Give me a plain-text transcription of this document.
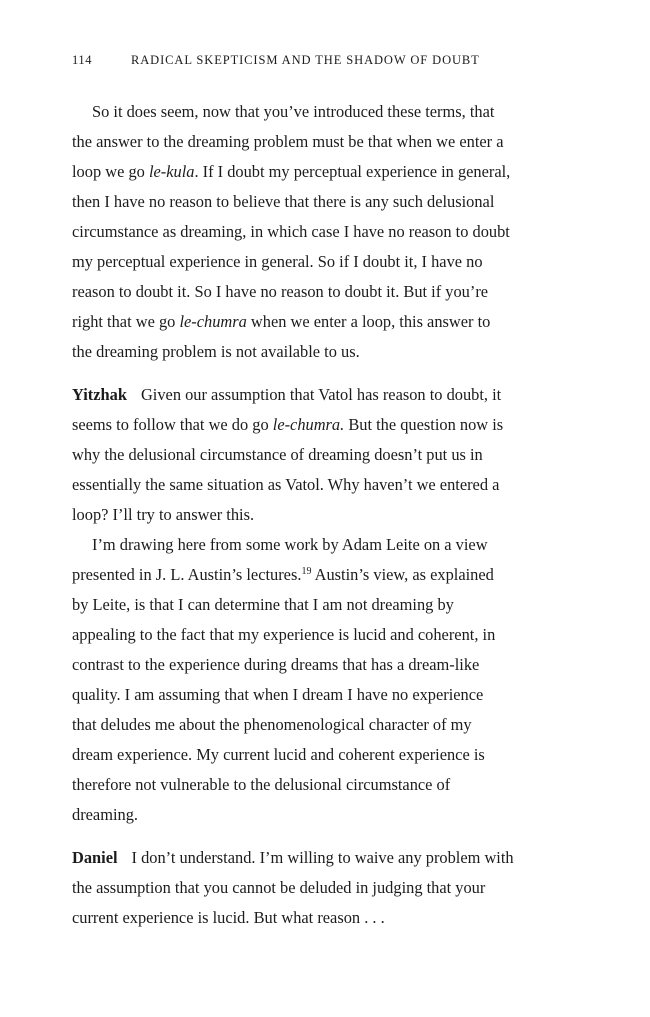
114	RADICAL SKEPTICISM AND THE SHADOW OF DOUBT
So it does seem, now that you’ve introduced these terms, that
the answer to the dreaming problem must be that when we enter a
loop we go le-kula. If I doubt my perceptual experience in general,
then I have no reason to believe that there is any such delusional
circumstance as dreaming, in which case I have no reason to doubt
my perceptual experience in general. So if I doubt it, I have no
reason to doubt it. So I have no reason to doubt it. But if you’re
right that we go le-chumra when we enter a loop, this answer to
the dreaming problem is not available to us.
Yitzhak Given our assumption that Vatol has reason to doubt, it
seems to follow that we do go le-chumra. But the question now is
why the delusional circumstance of dreaming doesn’t put us in
essentially the same situation as Vatol. Why haven’t we entered a
loop? I’ll try to answer this.
I’m drawing here from some work by Adam Leite on a view
presented in J. L. Austin’s lectures.$^{19}$ Austin’s view, as explained
by Leite, is that I can determine that I am not dreaming by
appealing to the fact that my experience is lucid and coherent, in
contrast to the experience during dreams that has a dream-like
quality. I am assuming that when I dream I have no experience
that deludes me about the phenomenological character of my
dream experience. My current lucid and coherent experience is
therefore not vulnerable to the delusional circumstance of
dreaming.
Daniel I don’t understand. I’m willing to waive any problem with
the assumption that you cannot be deluded in judging that your
current experience is lucid. But what reason . . .
